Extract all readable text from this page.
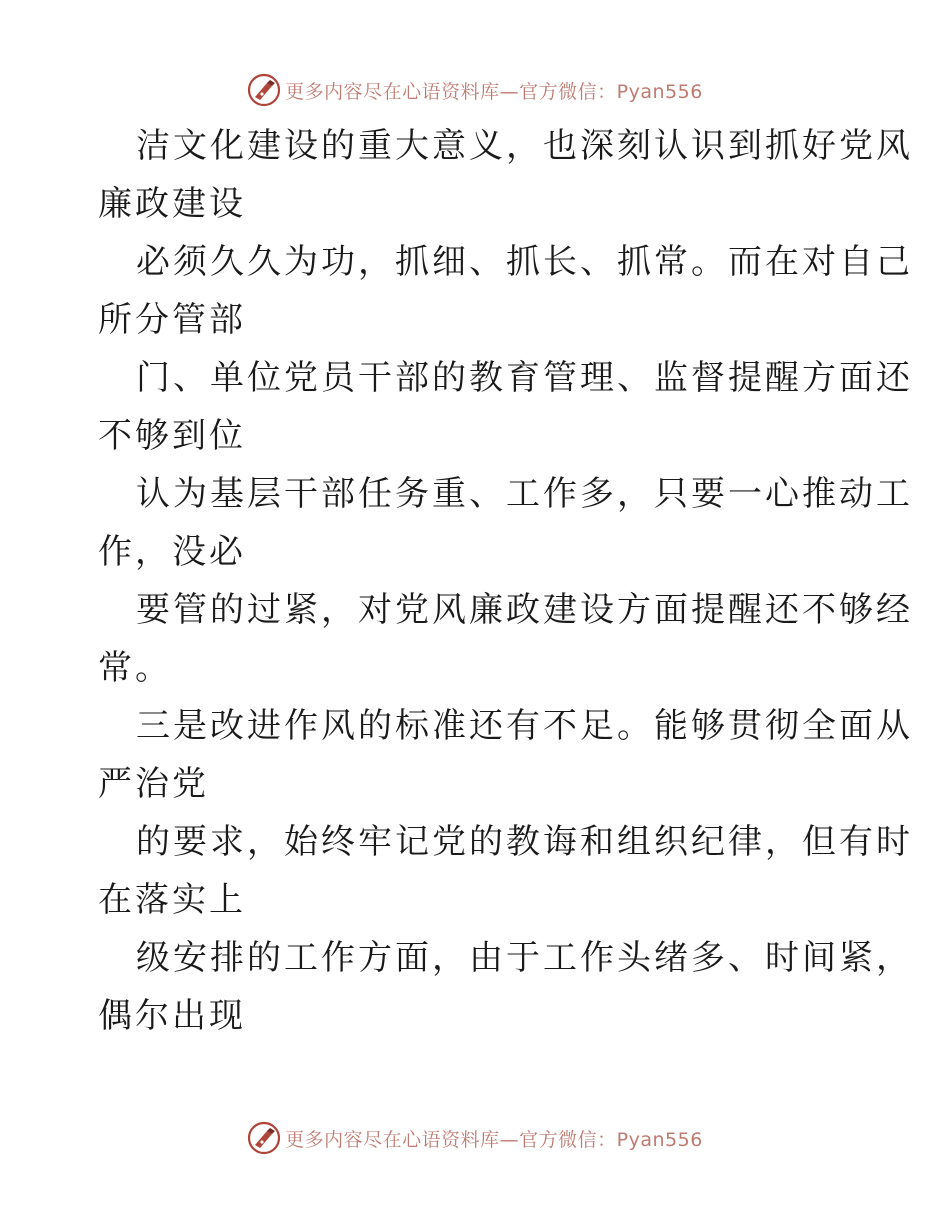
更多内容尽在心语资料库—官方微信：Pyan556
洁文化建设的重大意义，也深刻认识到抓好党风
廉政建设
必须久久为功，抓细、抓长、抓常。而在对自己
所分管部
门、单位党员干部的教育管理、监督提醒方面还
不够到位
认为基层干部任务重、工作多，只要一心推动工
作，没必
要管的过紧，对党风廉政建设方面提醒还不够经
常。
三是改进作风的标准还有不足。能够贯彻全面从
严治党
的要求，始终牢记党的教诲和组织纪律，但有时
在落实上
级安排的工作方面，由于工作头绪多、时间紧，
偶尔出现
更多内容尽在心语资料库—官方微信：Pyan556
